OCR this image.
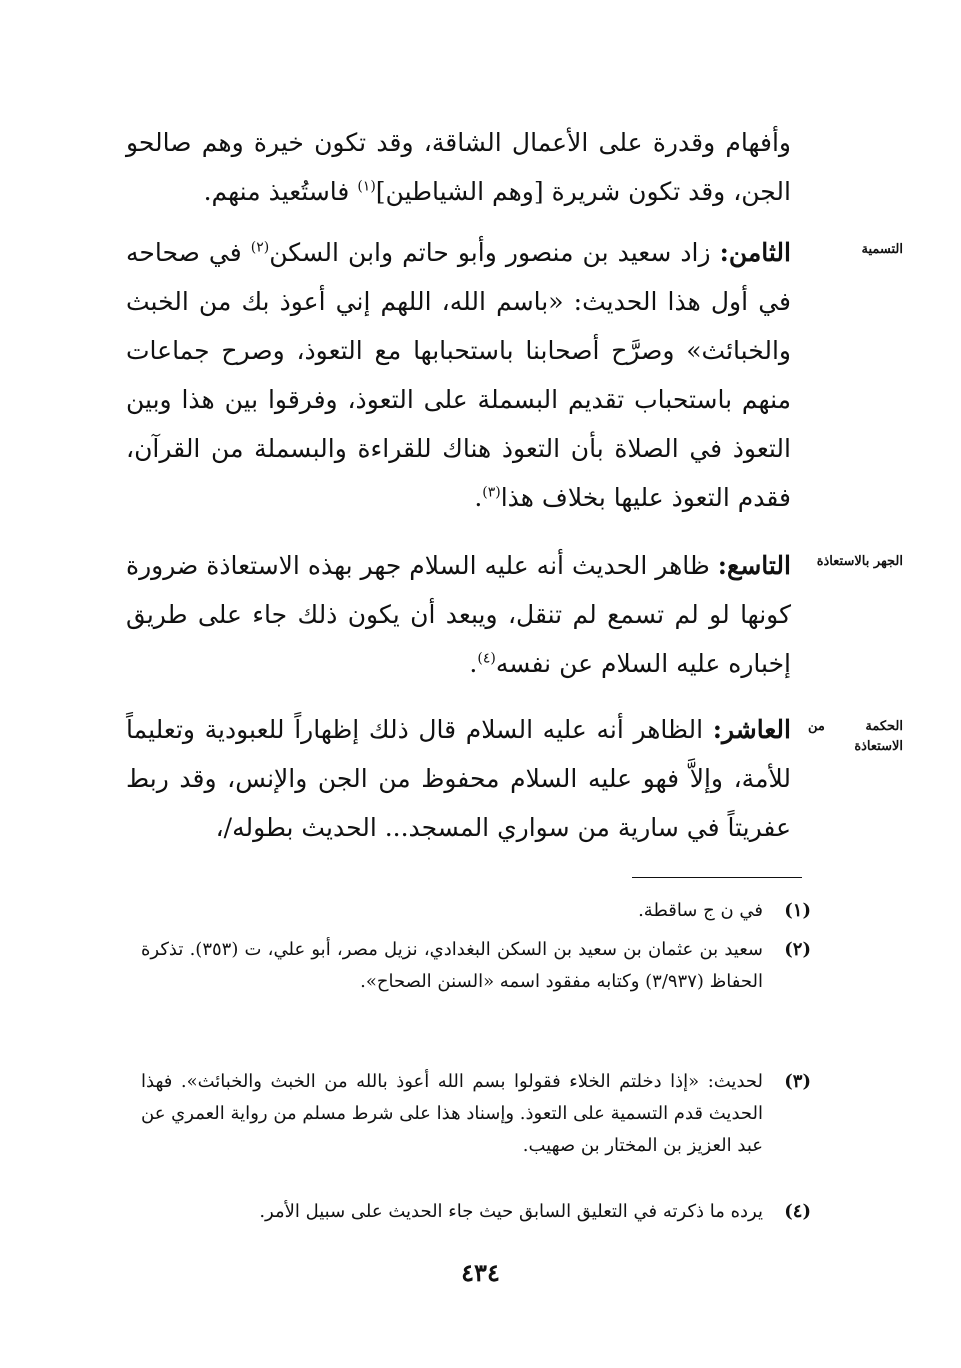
وأفهام وقدرة على الأعمال الشاقة، وقد تكون خيرة وهم صالحو الجن، وقد تكون شريرة [وهم الشياطين]$^{(١)}$ فاستُعيذ منهم.

التسمية

الثامن: زاد سعيد بن منصور وأبو حاتم وابن السكن$^{(٢)}$ في صحاحه في أول هذا الحديث: «باسم الله، اللهم إني أعوذ بك من الخبث والخبائث» وصرَّح أصحابنا باستحبابها مع التعوذ، وصرح جماعات منهم باستحباب تقديم البسملة على التعوذ، وفرقوا بين هذا وبين التعوذ في الصلاة بأن التعوذ هناك للقراءة والبسملة من القرآن، فقدم التعوذ عليها بخلاف هذا$^{(٣)}$.

الجهر بالاستعاذة

التاسع: ظاهر الحديث أنه عليه السلام جهر بهذه الاستعاذة ضرورة كونها لو لم تسمع لم تنقل، ويبعد أن يكون ذلك جاء على طريق إخباره عليه السلام عن نفسه$^{(٤)}$.

الحكمة من الاستعاذة

العاشر: الظاهر أنه عليه السلام قال ذلك إظهاراً للعبودية وتعليماً للأمة، وإلاَّ فهو عليه السلام محفوظ من الجن والإنس، وقد ربط عفريتاً في سارية من سواري المسجد... الحديث بطوله/،

(١)
في ن ج ساقطة.
(٢)
سعيد بن عثمان بن سعيد بن السكن البغدادي، نزيل مصر، أبو علي، ت (٣٥٣). تذكرة الحفاظ (٣/٩٣٧) وكتابه مفقود اسمه «السنن الصحاح».
(٣)
لحديث: «إذا دخلتم الخلاء فقولوا بسم الله أعوذ بالله من الخبث والخبائث». فهذا الحديث قدم التسمية على التعوذ. وإسناد هذا على شرط مسلم من رواية العمري عن عبد العزيز بن المختار بن صهيب.
(٤)
يرده ما ذكرته في التعليق السابق حيث جاء الحديث على سبيل الأمر.
٤٣٤
